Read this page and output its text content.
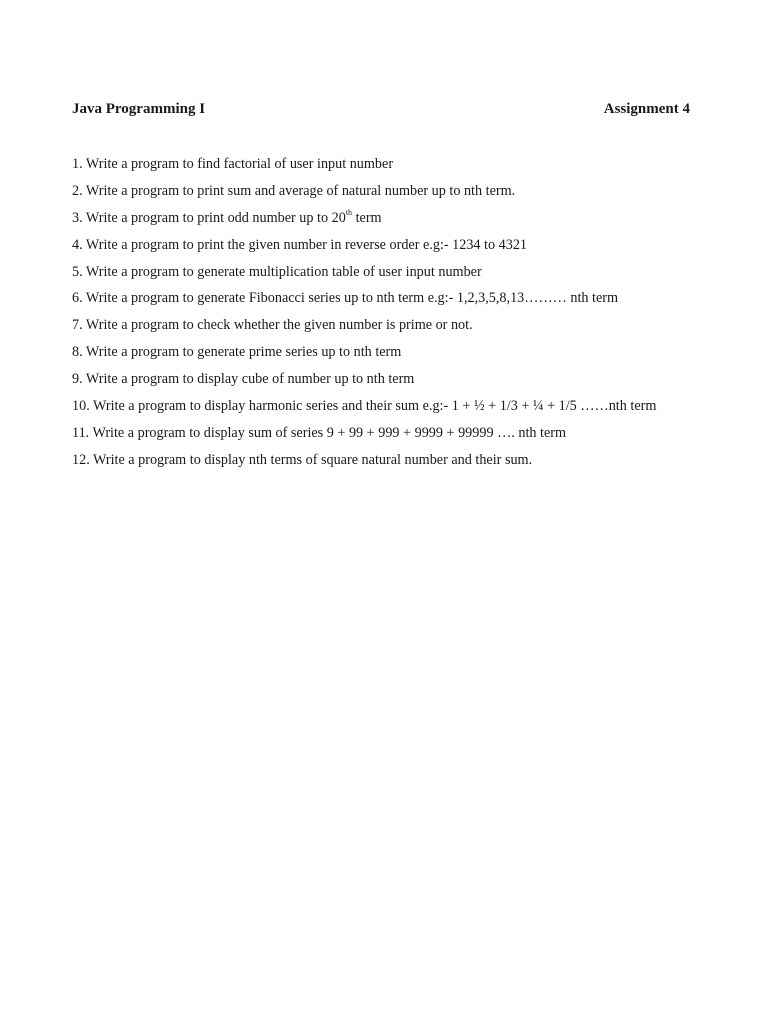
Java Programming I	Assignment 4
1. Write a program to find factorial of user input number
2. Write a program to print sum and average of natural number up to nth term.
3. Write a program to print odd number up to 20th term
4. Write a program to print the given number in reverse order e.g:- 1234 to 4321
5. Write a program to generate multiplication table of user input number
6. Write a program to generate Fibonacci series up to nth term e.g:- 1,2,3,5,8,13……… nth term
7. Write a program to check whether the given number is prime or not.
8. Write a program to generate prime series up to nth term
9. Write a program to display cube of number up to nth term
10. Write a program to display harmonic series and their sum e.g:- 1 + ½ + 1/3 + ¼ + 1/5 ……nth term
11. Write a program to display sum of series 9 + 99 + 999 + 9999 + 99999 …. nth term
12. Write a program to display nth terms of square natural number and their sum.
